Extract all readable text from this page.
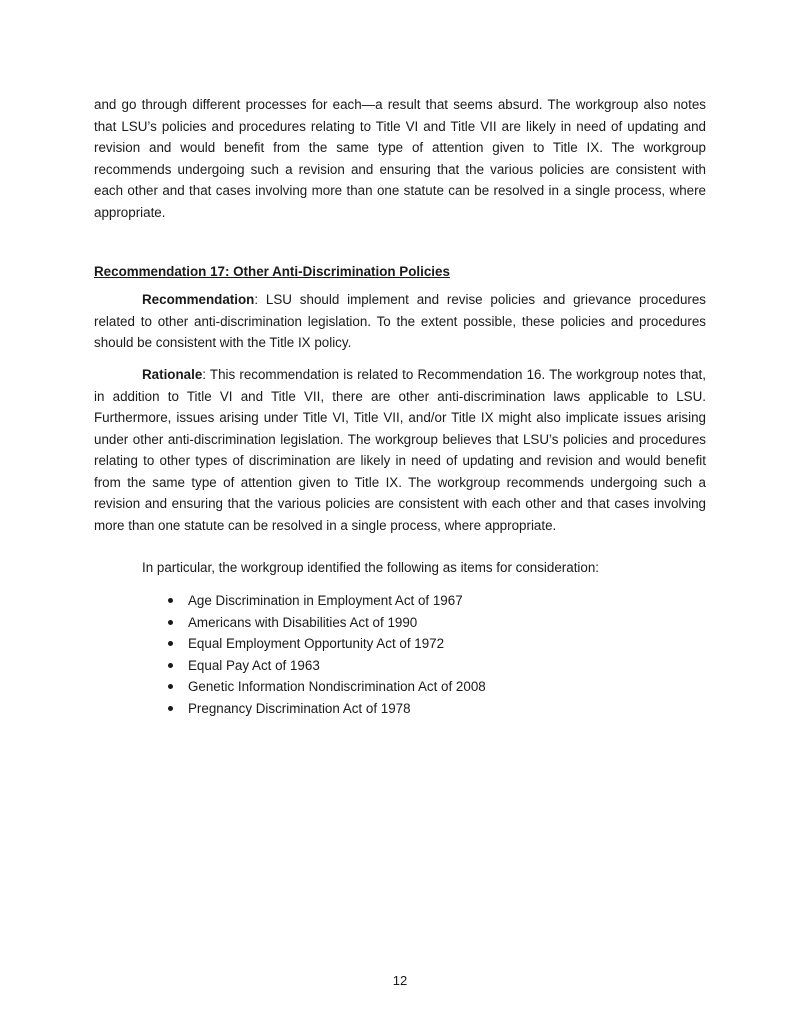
and go through different processes for each—a result that seems absurd. The workgroup also notes that LSU’s policies and procedures relating to Title VI and Title VII are likely in need of updating and revision and would benefit from the same type of attention given to Title IX. The workgroup recommends undergoing such a revision and ensuring that the various policies are consistent with each other and that cases involving more than one statute can be resolved in a single process, where appropriate.

Recommendation 17: Other Anti-Discrimination Policies

Recommendation: LSU should implement and revise policies and grievance procedures related to other anti-discrimination legislation. To the extent possible, these policies and procedures should be consistent with the Title IX policy.

Rationale: This recommendation is related to Recommendation 16. The workgroup notes that, in addition to Title VI and Title VII, there are other anti-discrimination laws applicable to LSU. Furthermore, issues arising under Title VI, Title VII, and/or Title IX might also implicate issues arising under other anti-discrimination legislation. The workgroup believes that LSU’s policies and procedures relating to other types of discrimination are likely in need of updating and revision and would benefit from the same type of attention given to Title IX. The workgroup recommends undergoing such a revision and ensuring that the various policies are consistent with each other and that cases involving more than one statute can be resolved in a single process, where appropriate.

In particular, the workgroup identified the following as items for consideration:

Age Discrimination in Employment Act of 1967
Americans with Disabilities Act of 1990
Equal Employment Opportunity Act of 1972
Equal Pay Act of 1963
Genetic Information Nondiscrimination Act of 2008
Pregnancy Discrimination Act of 1978
12
